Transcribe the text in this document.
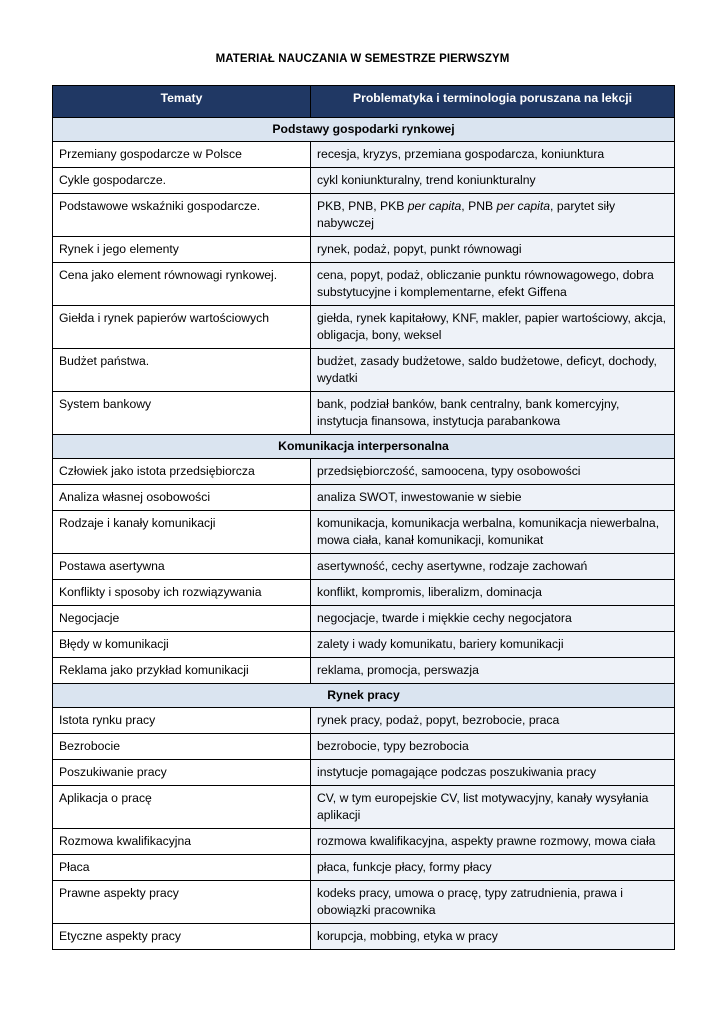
MATERIAŁ NAUCZANIA W SEMESTRZE PIERWSZYM
Tematy	Problematyka i terminologia poruszana na lekcji
Podstawy gospodarki rynkowej	
Przemiany gospodarcze w Polsce	recesja, kryzys, przemiana gospodarcza, koniunktura
Cykle gospodarcze.	cykl koniunkturalny, trend koniunkturalny
Podstawowe wskaźniki gospodarcze.	PKB, PNB, PKB per capita, PNB per capita, parytet siły nabywczej
Rynek i jego elementy	rynek, podaż, popyt, punkt równowagi
Cena jako element równowagi rynkowej.	cena, popyt, podaż, obliczanie punktu równowagowego, dobra substytucyjne i komplementarne, efekt Giffena
Giełda i rynek papierów wartościowych	giełda, rynek kapitałowy, KNF, makler, papier wartościowy, akcja, obligacja, bony, weksel
Budżet państwa.	budżet, zasady budżetowe, saldo budżetowe, deficyt, dochody, wydatki
System bankowy	bank, podział banków, bank centralny, bank komercyjny, instytucja finansowa, instytucja parabankowa
Komunikacja interpersonalna	
Człowiek jako istota przedsiębiorcza	przedsiębiorczość, samoocena, typy osobowości
Analiza własnej osobowości	analiza SWOT, inwestowanie w siebie
Rodzaje i kanały komunikacji	komunikacja, komunikacja werbalna, komunikacja niewerbalna, mowa ciała, kanał komunikacji, komunikat
Postawa asertywna	asertywność, cechy asertywne, rodzaje zachowań
Konflikty i sposoby ich rozwiązywania	konflikt, kompromis, liberalizm, dominacja
Negocjacje	negocjacje, twarde i miękkie cechy negocjatora
Błędy w komunikacji	zalety i wady komunikatu, bariery komunikacji
Reklama jako przykład komunikacji	reklama, promocja, perswazja
Rynek pracy	
Istota rynku pracy	rynek pracy, podaż, popyt, bezrobocie, praca
Bezrobocie	bezrobocie, typy bezrobocia
Poszukiwanie pracy	instytucje pomagające podczas poszukiwania pracy
Aplikacja o pracę	CV, w tym europejskie CV, list motywacyjny, kanały wysyłania aplikacji
Rozmowa kwalifikacyjna	rozmowa kwalifikacyjna, aspekty prawne rozmowy, mowa ciała
Płaca	płaca, funkcje płacy, formy płacy
Prawne aspekty pracy	kodeks pracy, umowa o pracę, typy zatrudnienia, prawa i obowiązki pracownika
Etyczne aspekty pracy	korupcja, mobbing, etyka w pracy
